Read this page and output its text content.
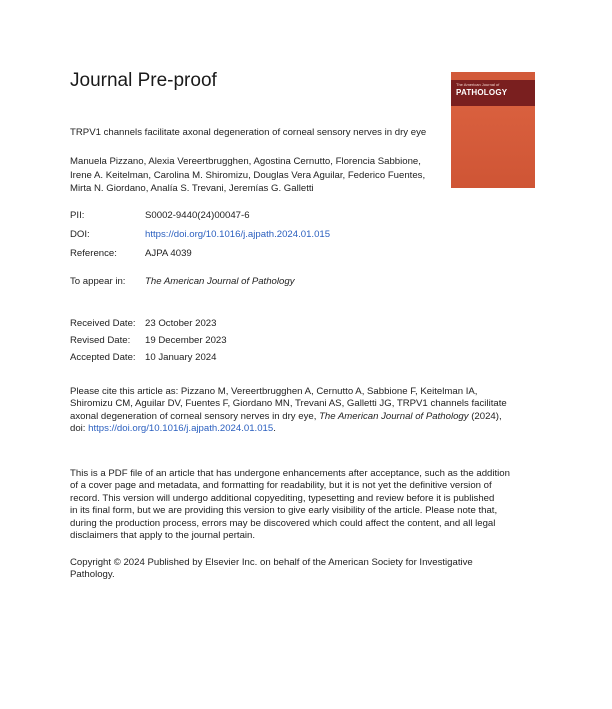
Journal Pre-proof	The American Journal of
PATHOLOGY
TRPV1 channels facilitate axonal degeneration of corneal sensory nerves in dry eye
Manuela Pizzano, Alexia Vereertbrugghen, Agostina Cernutto, Florencia Sabbione,
Irene A. Keitelman, Carolina M. Shiromizu, Douglas Vera Aguilar, Federico Fuentes,
Mirta N. Giordano, Analía S. Trevani, Jeremías G. Galletti
PII:	S0002-9440(24)00047-6
DOI:	https://doi.org/10.1016/j.ajpath.2024.01.015
Reference:	AJPA 4039
To appear in: The American Journal of Pathology
Received Date: 23 October 2023
Revised Date: 19 December 2023
Accepted Date: 10 January 2024
Please cite this article as: Pizzano M, Vereertbrugghen A, Cernutto A, Sabbione F, Keitelman IA,
Shiromizu CM, Aguilar DV, Fuentes F, Giordano MN, Trevani AS, Galletti JG, TRPV1 channels facilitate
axonal degeneration of corneal sensory nerves in dry eye, The American Journal of Pathology (2024),
doi: https://doi.org/10.1016/j.ajpath.2024.01.015.
This is a PDF file of an article that has undergone enhancements after acceptance, such as the addition
of a cover page and metadata, and formatting for readability, but it is not yet the definitive version of
record. This version will undergo additional copyediting, typesetting and review before it is published
in its final form, but we are providing this version to give early visibility of the article. Please note that,
during the production process, errors may be discovered which could affect the content, and all legal
disclaimers that apply to the journal pertain.
Copyright © 2024 Published by Elsevier Inc. on behalf of the American Society for Investigative
Pathology.
